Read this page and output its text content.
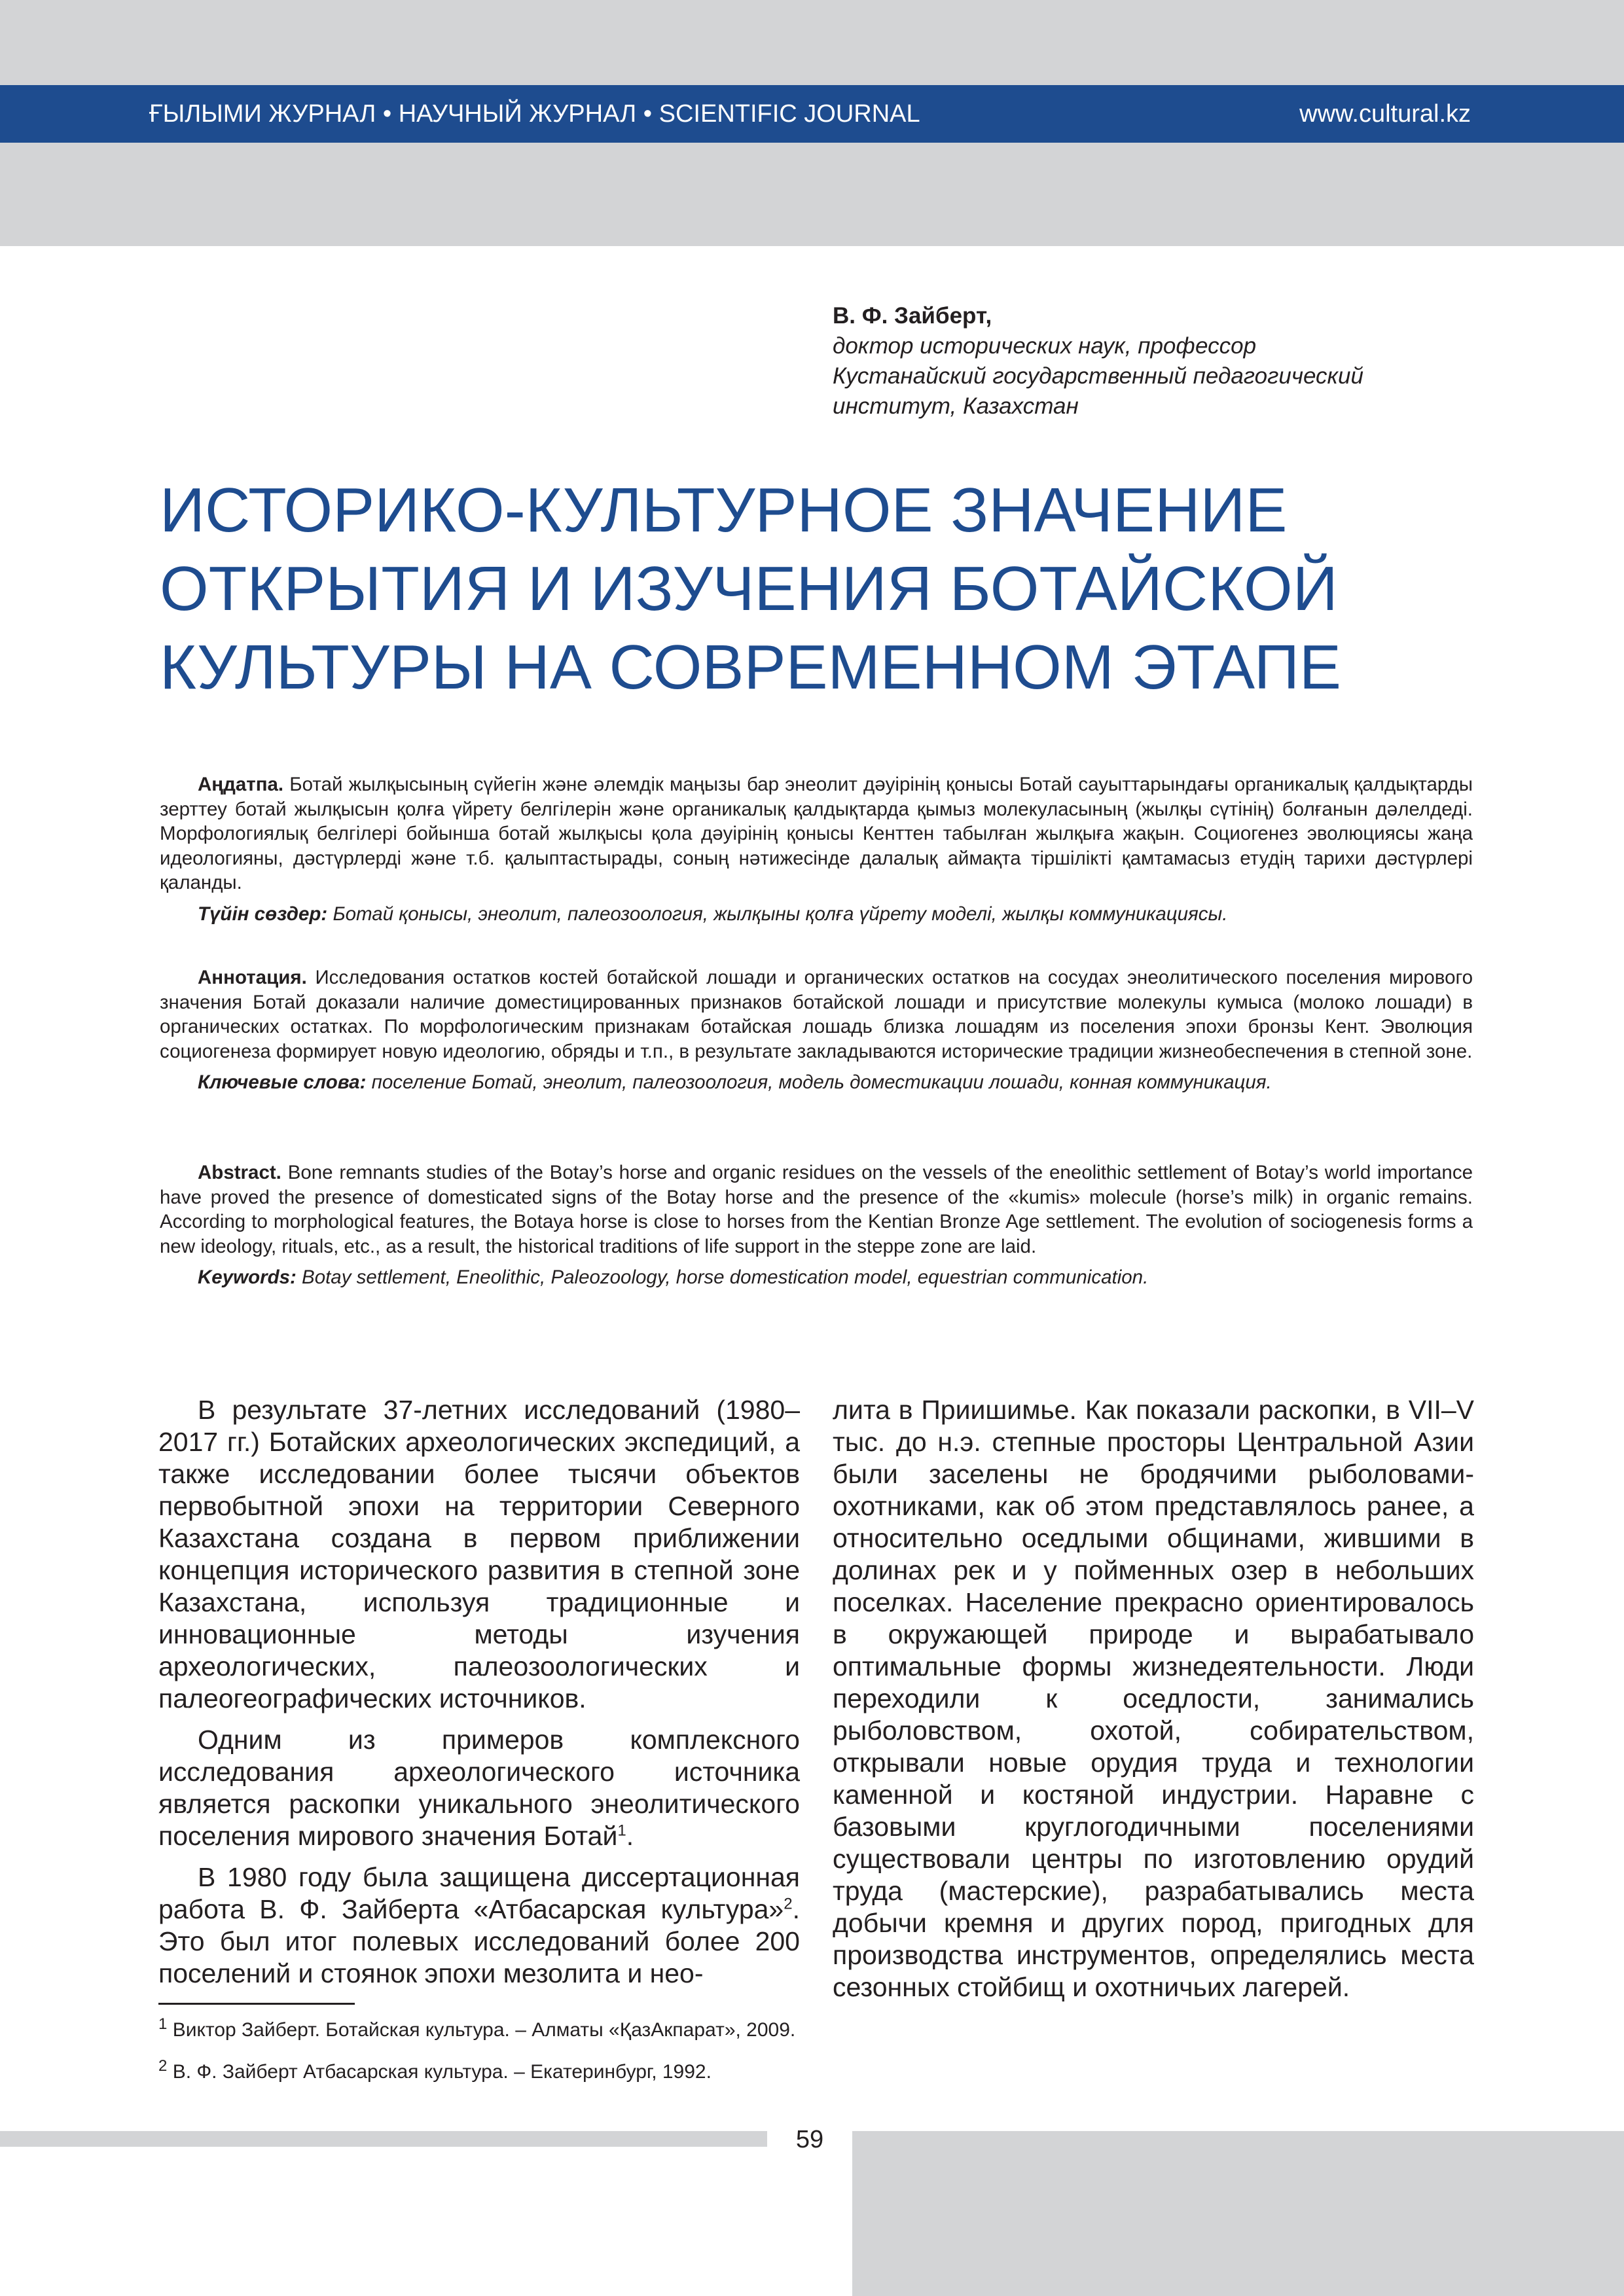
ҒЫЛЫМИ ЖУРНАЛ • НАУЧНЫЙ ЖУРНАЛ • SCIENTIFIC JOURNAL	www.cultural.kz
В. Ф. Зайберт,
доктор исторических наук, профессор
Кустанайский государственный педагогический
институт, Казахстан
ИСТОРИКО-КУЛЬТУРНОЕ ЗНАЧЕНИЕ
ОТКРЫТИЯ И ИЗУЧЕНИЯ БОТАЙСКОЙ
КУЛЬТУРЫ НА СОВРЕМЕННОМ ЭТАПЕ

Аңдатпа. Ботай жылқысының сүйегін және әлемдік маңызы бар энеолит дәуірінің қонысы Ботай сауыттарындағы органикалық қалдықтарды зерттеу ботай жылқысын қолға үйрету белгілерін және органикалық қалдықтарда қымыз молекуласының (жылқы сүтінің) болғанын дәлелдеді. Морфологиялық белгілері бойынша ботай жылқысы қола дәуірінің қонысы Кенттен табылған жылқыға жақын. Социогенез эволюциясы жаңа идеологияны, дәстүрлерді және т.б. қалыптастырады, соның нәтижесінде далалық аймақта тіршілікті қамтамасыз етудің тарихи дәстүрлері қаланды.

Түйін сөздер: Ботай қонысы, энеолит, палеозоология, жылқыны қолға үйрету моделі, жылқы коммуникациясы.

Аннотация. Исследования остатков костей ботайской лошади и органических остатков на сосудах энеолитического поселения мирового значения Ботай доказали наличие доместицированных признаков ботайской лошади и присутствие молекулы кумыса (молоко лошади) в органических остатках. По морфологическим признакам ботайская лошадь близка лошадям из поселения эпохи бронзы Кент. Эволюция социогенеза формирует новую идеологию, обряды и т.п., в результате закладываются исторические традиции жизнеобеспечения в степной зоне.

Ключевые слова: поселение Ботай, энеолит, палеозоология, модель доместикации лошади, конная коммуникация.

Abstract. Bone remnants studies of the Botay’s horse and organic residues on the vessels of the eneolithic settlement of Botay’s world importance have proved the presence of domesticated signs of the Botay horse and the presence of the «kumis» molecule (horse’s milk) in organic remains. According to morphological features, the Botaya horse is close to horses from the Kentian Bronze Age settlement. The evolution of sociogenesis forms a new ideology, rituals, etc., as a result, the historical traditions of life support in the steppe zone are laid.

Keywords: Botay settlement, Eneolithic, Paleozoology, horse domestication model, equestrian communication.

В результате 37-летних исследований (1980–2017 гг.) Ботайских археологических экспедиций, а также исследовании более тысячи объектов первобытной эпохи на территории Северного Казахстана создана в первом приближении концепция исторического развития в степной зоне Казахстана, используя традиционные и инновационные методы изучения археологических, палеозоологических и палеогеографических источников.

Одним из примеров комплексного исследования археологического источника является раскопки уникального энеолитического поселения мирового значения Ботай$^1$.

В 1980 году была защищена диссертационная работа В. Ф. Зайберта «Атбасарская культура»$^2$. Это был итог полевых исследований более 200 поселений и стоянок эпохи мезолита и нео-

лита в Приишимье. Как показали раскопки, в VII–V тыс. до н.э. степные просторы Центральной Азии были заселены не бродячими рыболовами-охотниками, как об этом представлялось ранее, а относительно оседлыми общинами, жившими в долинах рек и у пойменных озер в небольших поселках. Население прекрасно ориентировалось в окружающей природе и вырабатывало оптимальные формы жизнедеятельности. Люди переходили к оседлости, занимались рыболовством, охотой, собирательством, открывали новые орудия труда и технологии каменной и костяной индустрии. Наравне с базовыми круглогодичными поселениями существовали центры по изготовлению орудий труда (мастерские), разрабатывались места добычи кремня и других пород, пригодных для производства инструментов, определялись места сезонных стойбищ и охотничьих лагерей.

$^1$ Виктор Зайберт. Ботайская культура. – Алматы «ҚазАкпарат», 2009.
$^2$ В. Ф. Зайберт Атбасарская культура. – Екатеринбург, 1992.
59
